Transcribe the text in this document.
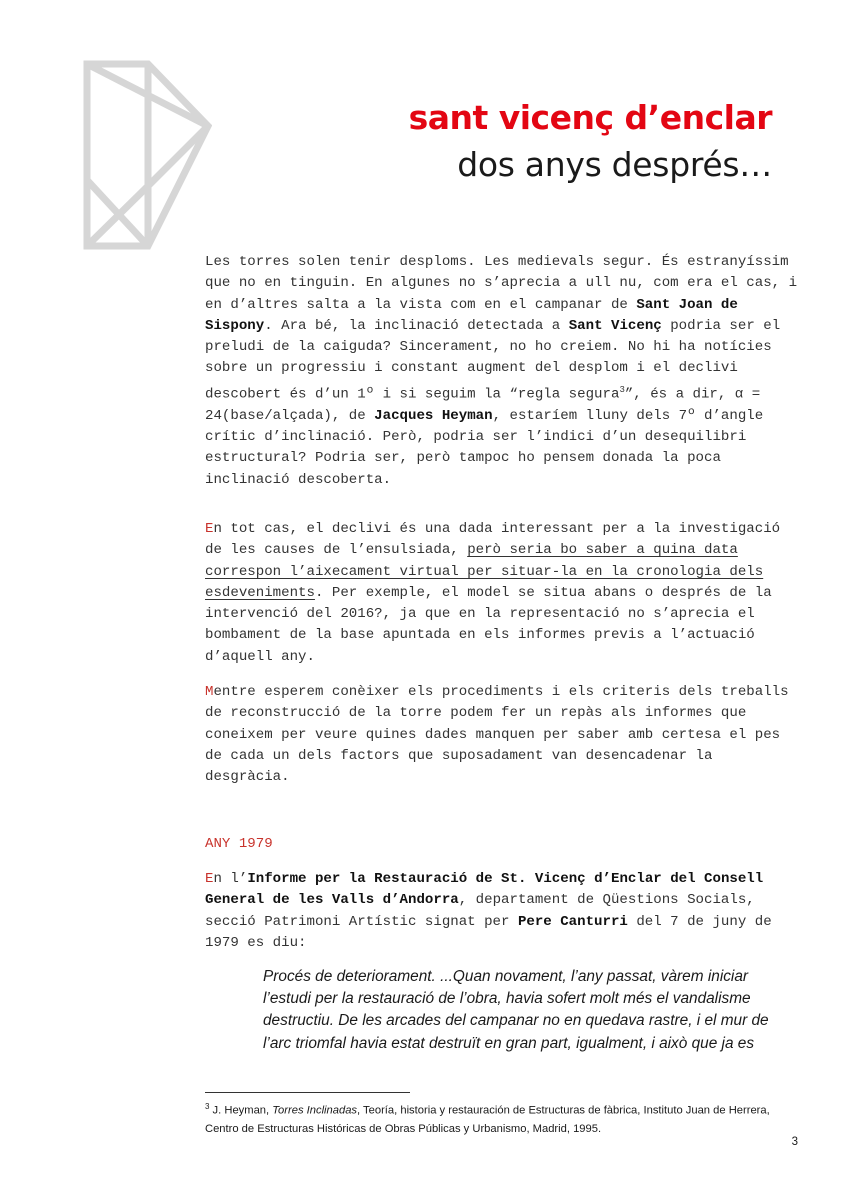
sant vicenç d’enclar
dos anys després…
Les torres solen tenir desploms. Les medievals segur. És estranyíssim que no en tinguin. En algunes no s’aprecia a ull nu, com era el cas, i en d’altres salta a la vista com en el campanar de Sant Joan de Sispony. Ara bé, la inclinació detectada a Sant Vicenç podria ser el preludi de la caiguda? Sincerament, no ho creiem. No hi ha notícies sobre un progressiu i constant augment del desplom i el declivi descobert és d’un 1º i si seguim la “regla segura$^3$”, és a dir, α = 24(base/alçada), de Jacques Heyman, estaríem lluny dels 7º d’angle crític d’inclinació. Però, podria ser l’indici d’un desequilibri estructural? Podria ser, però tampoc ho pensem donada la poca inclinació descoberta.
En tot cas, el declivi és una dada interessant per a la investigació de les causes de l’ensulsiada, però seria bo saber a quina data correspon l’aixecament virtual per situar-la en la cronologia dels esdeveniments. Per exemple, el model se situa abans o després de la intervenció del 2016?, ja que en la representació no s’aprecia el bombament de la base apuntada en els informes previs a l’actuació d’aquell any.
Mentre esperem conèixer els procediments i els criteris dels treballs de reconstrucció de la torre podem fer un repàs als informes que coneixem per veure quines dades manquen per saber amb certesa el pes de cada un dels factors que suposadament van desencadenar la desgràcia.
ANY 1979
En l’Informe per la Restauració de St. Vicenç d’Enclar del Consell General de les Valls d’Andorra, departament de Qüestions Socials, secció Patrimoni Artístic signat per Pere Canturri del 7 de juny de 1979 es diu:
Procés de deteriorament. ...Quan novament, l’any passat, vàrem iniciar l’estudi per la restauració de l’obra, havia sofert molt més el vandalisme destructiu. De les arcades del campanar no en quedava rastre, i el mur de l’arc triomfal havia estat destruït en gran part, igualment, i això que ja es
$^3$ J. Heyman, Torres Inclinadas, Teoría, historia y restauración de Estructuras de fàbrica, Instituto Juan de Herrera, Centro de Estructuras Históricas de Obras Públicas y Urbanismo, Madrid, 1995.
3
